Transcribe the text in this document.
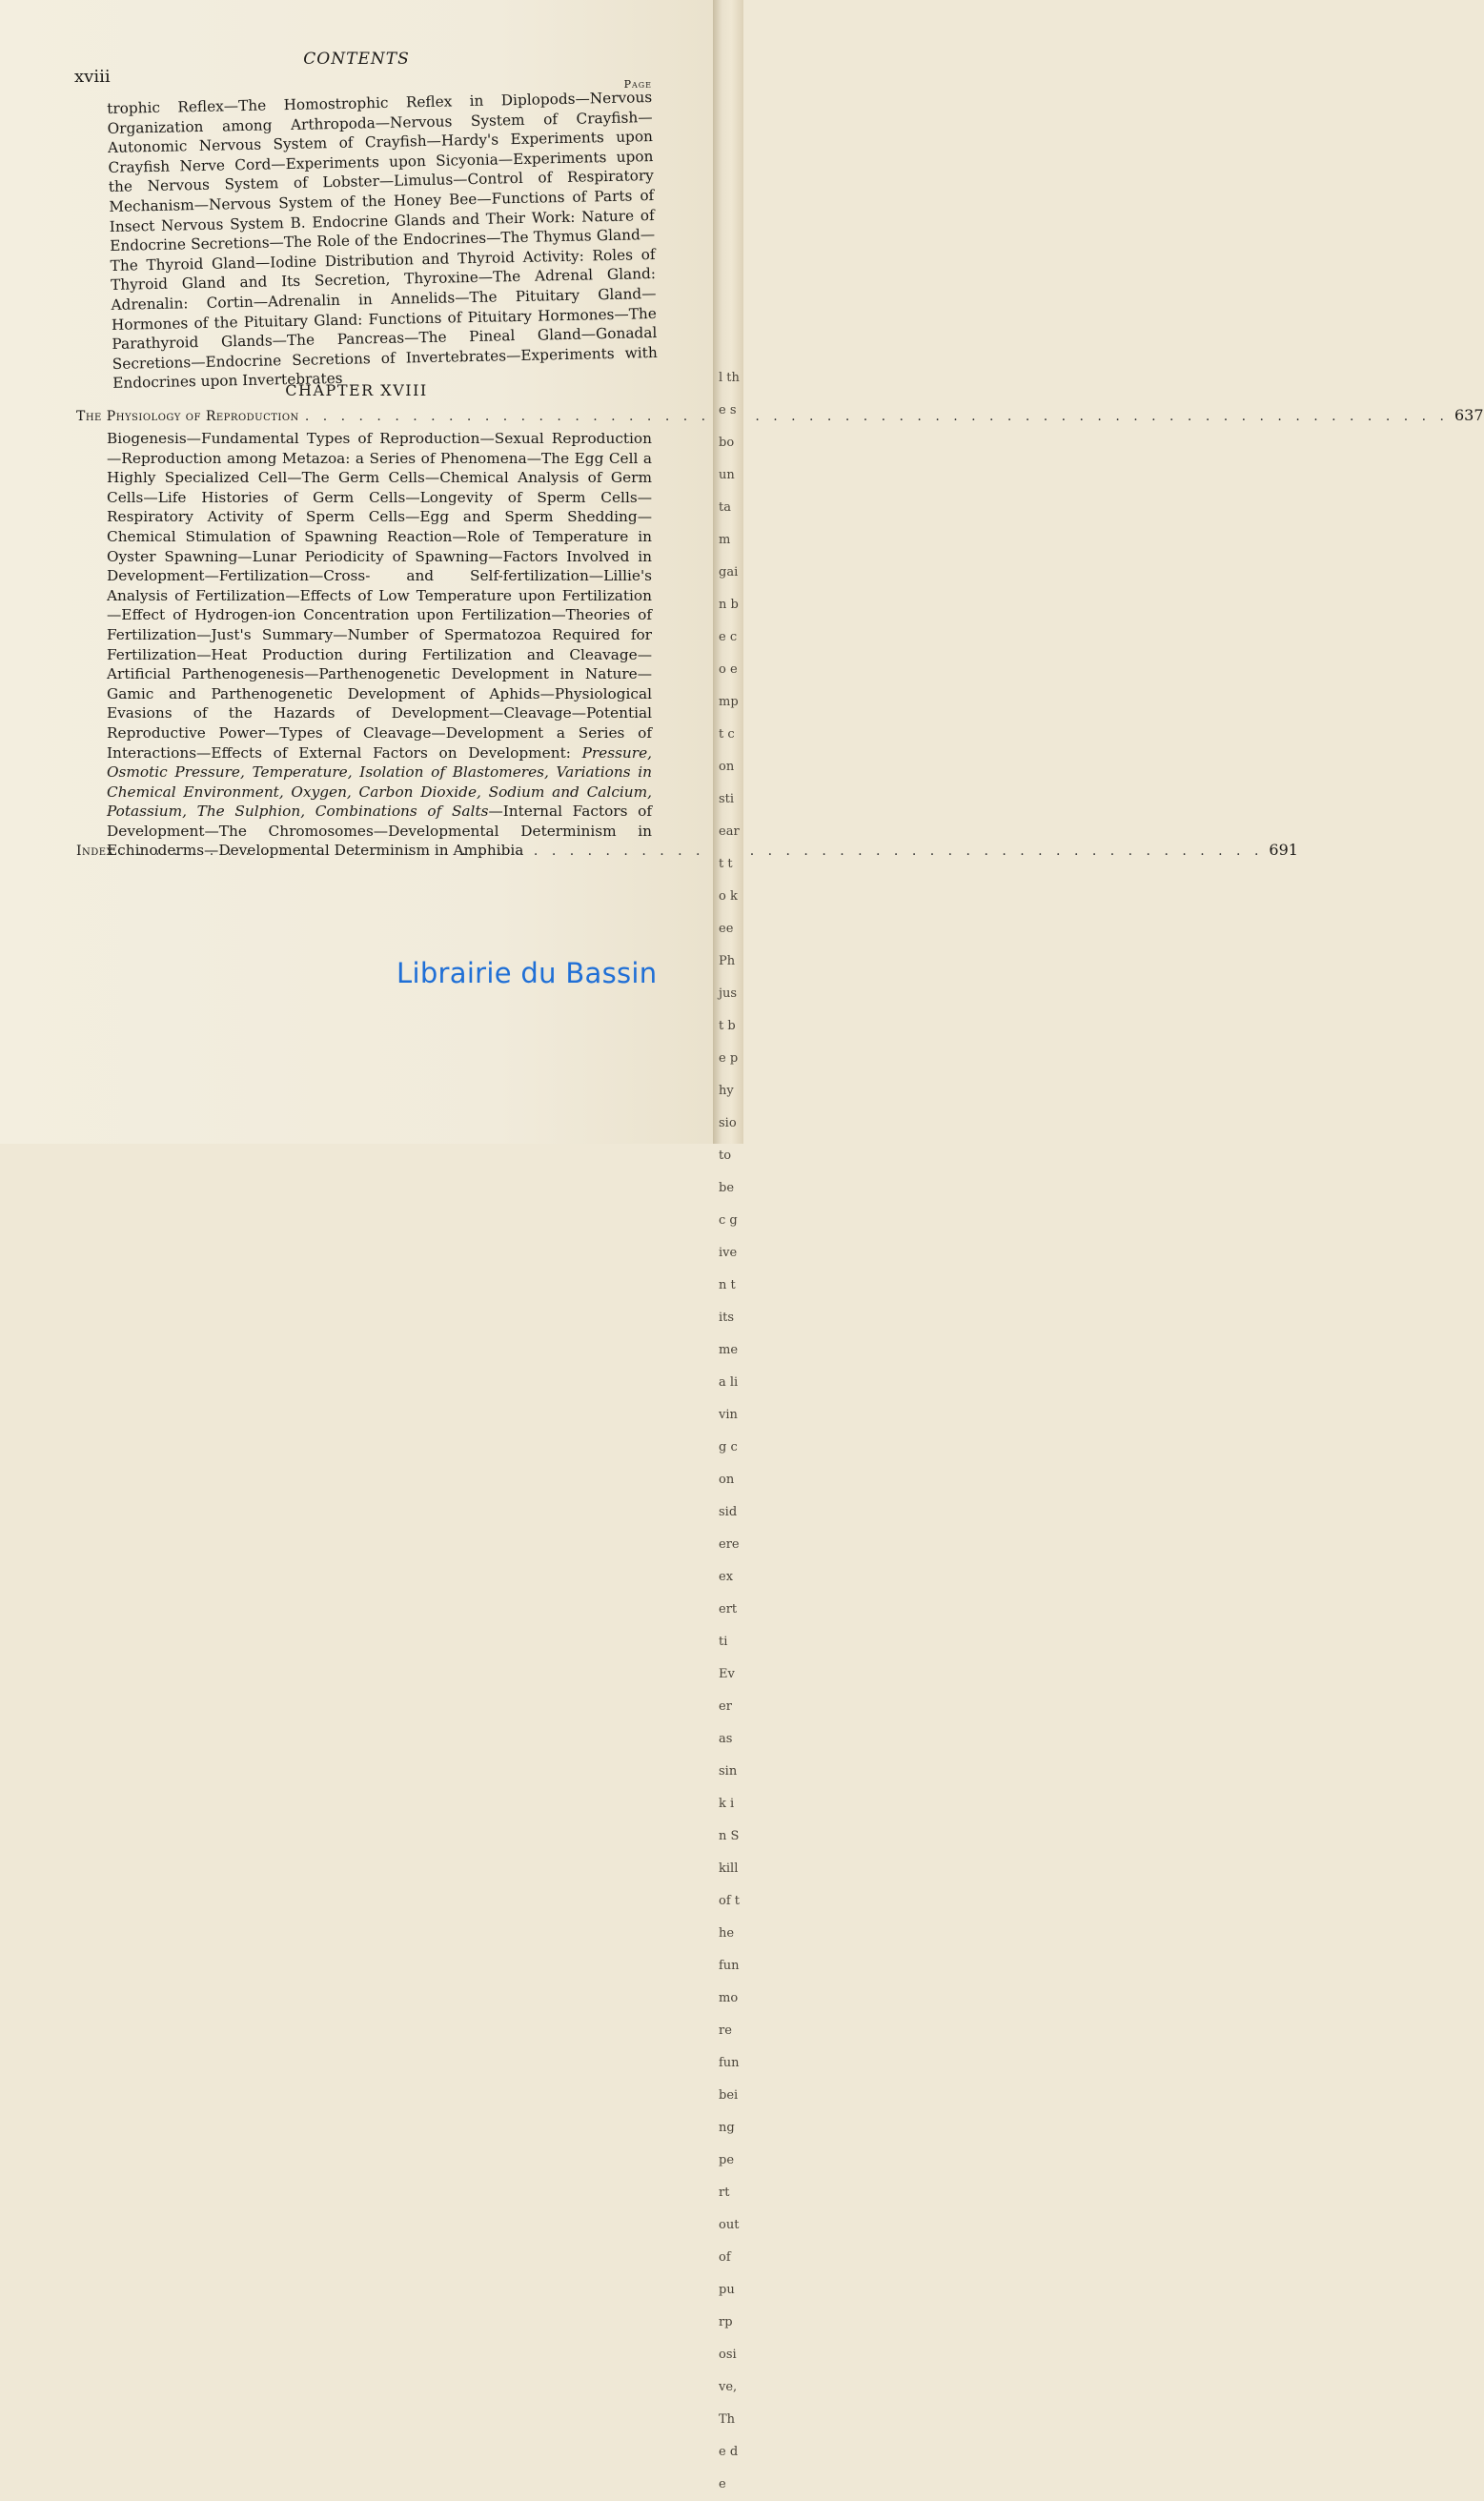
CONTENTS
xviii	Page

trophic Reflex—The Homostrophic Reflex in Diplopods—Nervous Organization among Arthropoda—Nervous System of Crayfish—Autonomic Nervous System of Crayfish—Hardy's Experiments upon Crayfish Nerve Cord—Experiments upon Sicyonia—Experiments upon the Nervous System of Lobster—Limulus—Control of Respiratory Mechanism—Nervous System of the Honey Bee—Functions of Parts of Insect Nervous System B. Endocrine Glands and Their Work: Nature of Endocrine Secretions—The Role of the Endocrines—The Thymus Gland—The Thyroid Gland—Iodine Distribution and Thyroid Activity: Roles of Thyroid Gland and Its Secretion, Thyroxine—The Adrenal Gland: Adrenalin: Cortin—Adrenalin in Annelids—The Pituitary Gland—Hormones of the Pituitary Gland: Functions of Pituitary Hormones—The Parathyroid Glands—The Pancreas—The Pineal Gland—Gonadal Secretions—Endocrine Secretions of Invertebrates—Experiments with Endocrines upon Invertebrates

CHAPTER XVIII
The Physiology of Reproduction . . .	637

Biogenesis—Fundamental Types of Reproduction—Sexual Reproduction—Reproduction among Metazoa: a Series of Phenomena—The Egg Cell a Highly Specialized Cell—The Germ Cells—Chemical Analysis of Germ Cells—Life Histories of Germ Cells—Longevity of Sperm Cells—Respiratory Activity of Sperm Cells—Egg and Sperm Shedding—Chemical Stimulation of Spawning Reaction—Role of Temperature in Oyster Spawning—Lunar Periodicity of Spawning—Factors Involved in Development—Fertilization—Cross- and Self-fertilization—Lillie's Analysis of Fertilization—Effects of Low Temperature upon Fertilization—Effect of Hydrogen-ion Concentration upon Fertilization—Theories of Fertilization—Just's Summary—Number of Spermatozoa Required for Fertilization—Heat Production during Fertilization and Cleavage—Artificial Parthenogenesis—Parthenogenetic Development in Nature—Gamic and Parthenogenetic Development of Aphids—Physiological Evasions of the Hazards of Development—Cleavage—Potential Reproductive Power—Types of Cleavage—Development a Series of Interactions—Effects of External Factors on Development: Pressure, Osmotic Pressure, Temperature, Isolation of Blastomeres, Variations in Chemical Environment, Oxygen, Carbon Dioxide, Sodium and Calcium, Potassium, The Sulphion, Combinations of Salts—Internal Factors of Development—The Chromosomes—Developmental Determinism in Echinoderms—Developmental Determinism in Amphibia

Index . . .	691
Librairie du Bassin
l the s boun tam gain be co empt consti ear t to kee Ph just be physio to be c given t its mea living considere exert ti Ever as sink in Skill of the fun more fun being pert out of purposive, The de
